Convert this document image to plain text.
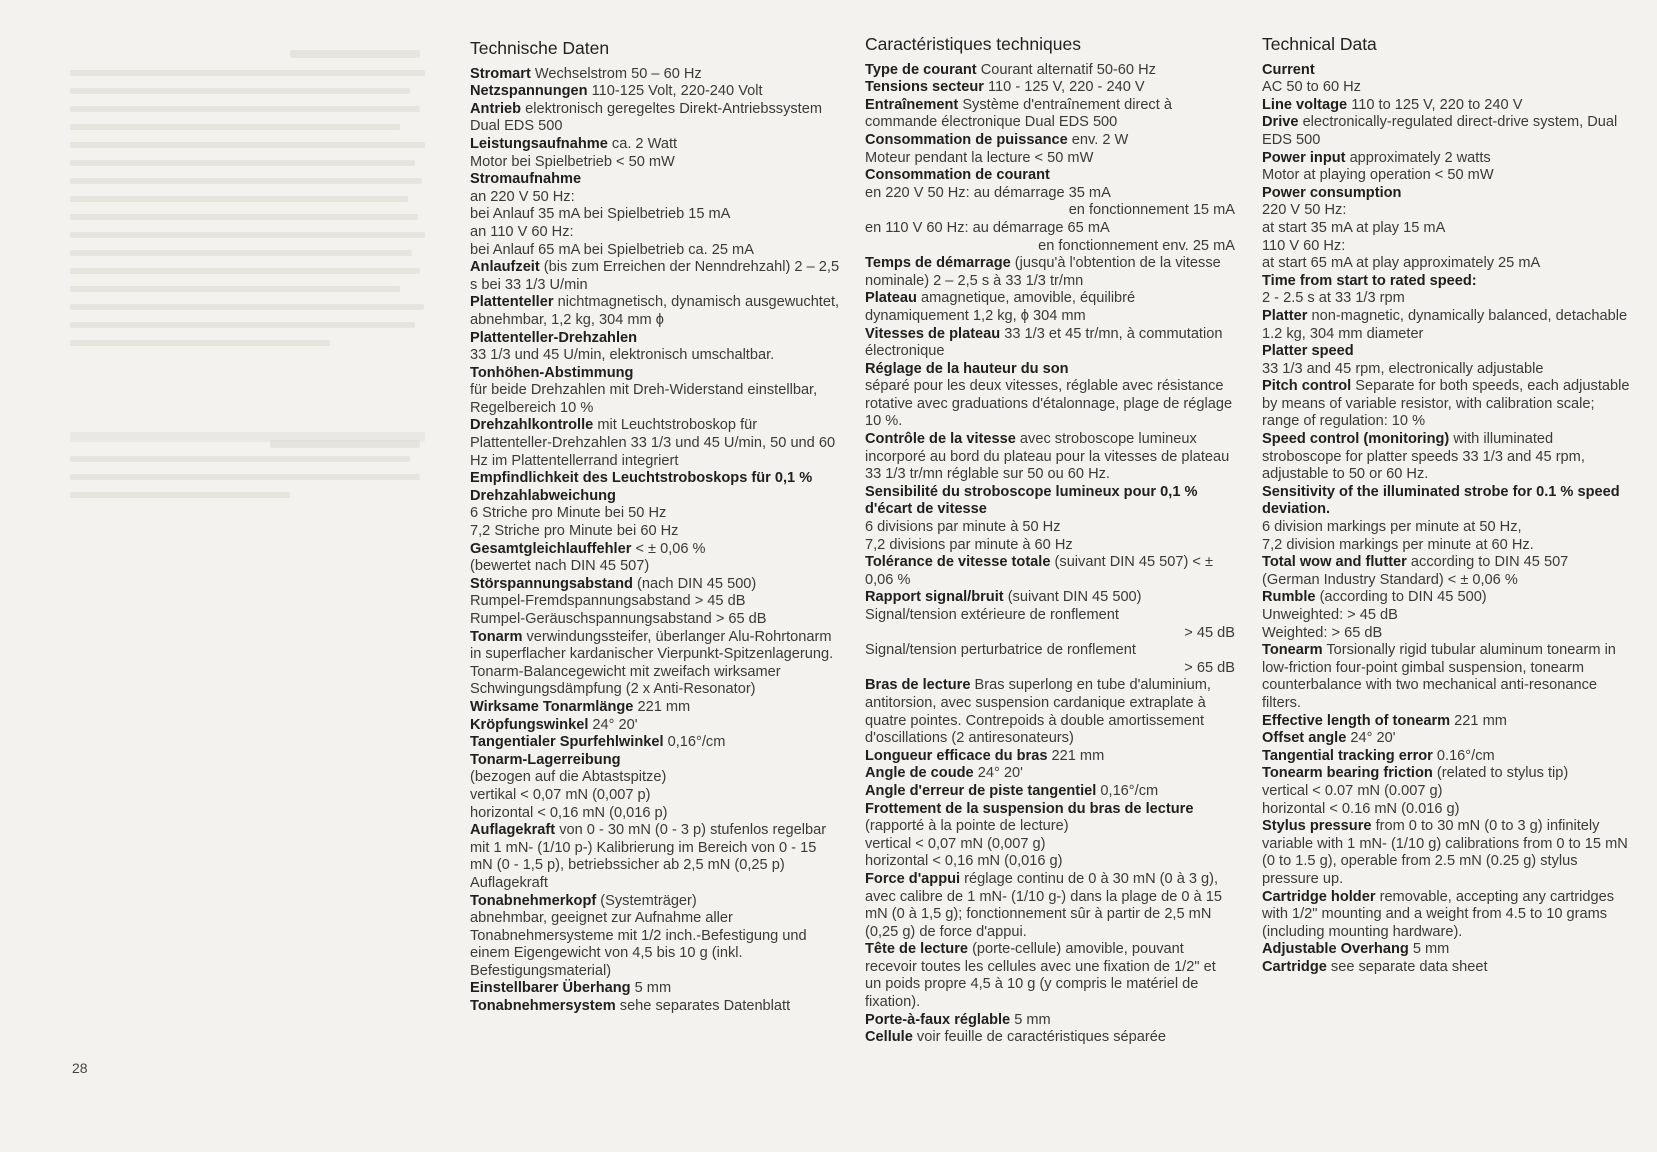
Technische Daten
Stromart Wechselstrom 50 – 60 Hz
Netzspannungen 110-125 Volt, 220-240 Volt
Antrieb elektronisch geregeltes Direkt-Antriebssystem Dual EDS 500
Leistungsaufnahme ca. 2 Watt
Motor bei Spielbetrieb < 50 mW
Stromaufnahme
an 220 V 50 Hz:
bei Anlauf 35 mA bei Spielbetrieb 15 mA
an 110 V 60 Hz:
bei Anlauf 65 mA bei Spielbetrieb ca. 25 mA
Anlaufzeit (bis zum Erreichen der Nenndrehzahl) 2 – 2,5 s bei 33 1/3 U/min
Plattenteller nichtmagnetisch, dynamisch ausgewuchtet, abnehmbar, 1,2 kg, 304 mm ϕ
Plattenteller-Drehzahlen
33 1/3 und 45 U/min, elektronisch umschaltbar.
Tonhöhen-Abstimmung
für beide Drehzahlen mit Dreh-Widerstand einstellbar, Regelbereich 10 %
Drehzahlkontrolle mit Leuchtstroboskop für Plattenteller-Drehzahlen 33 1/3 und 45 U/min, 50 und 60 Hz im Plattentellerrand integriert
Empfindlichkeit des Leuchtstroboskops für 0,1 % Drehzahlabweichung
6 Striche pro Minute bei 50 Hz
7,2 Striche pro Minute bei 60 Hz
Gesamtgleichlauffehler < ± 0,06 %
(bewertet nach DIN 45 507)
Störspannungsabstand (nach DIN 45 500)
Rumpel-Fremdspannungsabstand > 45 dB
Rumpel-Geräuschspannungsabstand > 65 dB
Tonarm verwindungssteifer, überlanger Alu-Rohrtonarm in superflacher kardanischer Vierpunkt-Spitzenlagerung. Tonarm-Balancegewicht mit zweifach wirksamer Schwingungsdämpfung (2 x Anti-Resonator)
Wirksame Tonarmlänge 221 mm
Kröpfungswinkel 24° 20'
Tangentialer Spurfehlwinkel 0,16°/cm
Tonarm-Lagerreibung
(bezogen auf die Abtastspitze)
vertikal < 0,07 mN (0,007 p)
horizontal < 0,16 mN (0,016 p)
Auflagekraft von 0 - 30 mN (0 - 3 p) stufenlos regelbar mit 1 mN- (1/10 p-) Kalibrierung im Bereich von 0 - 15 mN (0 - 1,5 p), betriebssicher ab 2,5 mN (0,25 p) Auflagekraft
Tonabnehmerkopf (Systemträger)
abnehmbar, geeignet zur Aufnahme aller Tonabnehmersysteme mit 1/2 inch.-Befestigung und einem Eigengewicht von 4,5 bis 10 g (inkl. Befestigungsmaterial)
Einstellbarer Überhang 5 mm
Tonabnehmersystem sehe separates Datenblatt
Caractéristiques techniques
Type de courant Courant alternatif 50-60 Hz
Tensions secteur 110 - 125 V, 220 - 240 V
Entraînement Système d'entraînement direct à commande électronique Dual EDS 500
Consommation de puissance env. 2 W
Moteur pendant la lecture < 50 mW
Consommation de courant
en 220 V 50 Hz: au démarrage 35 mA
en fonctionnement 15 mA
en 110 V 60 Hz: au démarrage 65 mA
en fonctionnement env. 25 mA
Temps de démarrage (jusqu'à l'obtention de la vitesse nominale) 2 – 2,5 s à 33 1/3 tr/mn
Plateau amagnetique, amovible, équilibré dynamiquement 1,2 kg, ϕ 304 mm
Vitesses de plateau 33 1/3 et 45 tr/mn, à commutation électronique
Réglage de la hauteur du son
séparé pour les deux vitesses, réglable avec résistance rotative avec graduations d'étalonnage, plage de réglage 10 %.
Contrôle de la vitesse avec stroboscope lumineux incorporé au bord du plateau pour la vitesses de plateau 33 1/3 tr/mn réglable sur 50 ou 60 Hz.
Sensibilité du stroboscope lumineux pour 0,1 % d'écart de vitesse
6 divisions par minute à 50 Hz
7,2 divisions par minute à 60 Hz
Tolérance de vitesse totale (suivant DIN 45 507) < ± 0,06 %
Rapport signal/bruit (suivant DIN 45 500)
Signal/tension extérieure de ronflement
> 45 dB
Signal/tension perturbatrice de ronflement
> 65 dB
Bras de lecture Bras superlong en tube d'aluminium, antitorsion, avec suspension cardanique extraplate à quatre pointes. Contrepoids à double amortissement d'oscillations (2 antiresonateurs)
Longueur efficace du bras 221 mm
Angle de coude 24° 20'
Angle d'erreur de piste tangentiel 0,16°/cm
Frottement de la suspension du bras de lecture
(rapporté à la pointe de lecture)
vertical < 0,07 mN (0,007 g)
horizontal < 0,16 mN (0,016 g)
Force d'appui réglage continu de 0 à 30 mN (0 à 3 g), avec calibre de 1 mN- (1/10 g-) dans la plage de 0 à 15 mN (0 à 1,5 g); fonctionnement sûr à partir de 2,5 mN (0,25 g) de force d'appui.
Tête de lecture (porte-cellule) amovible, pouvant recevoir toutes les cellules avec une fixation de 1/2" et un poids propre 4,5 à 10 g (y compris le matériel de fixation).
Porte-à-faux réglable 5 mm
Cellule voir feuille de caractéristiques séparée
Technical Data
Current
AC 50 to 60 Hz
Line voltage 110 to 125 V, 220 to 240 V
Drive electronically-regulated direct-drive system, Dual EDS 500
Power input approximately 2 watts
Motor at playing operation < 50 mW
Power consumption
220 V 50 Hz:
at start 35 mA at play 15 mA
110 V 60 Hz:
at start 65 mA at play approximately 25 mA
Time from start to rated speed:
2 - 2.5 s at 33 1/3 rpm
Platter non-magnetic, dynamically balanced, detachable 1.2 kg, 304 mm diameter
Platter speed
33 1/3 and 45 rpm, electronically adjustable
Pitch control Separate for both speeds, each adjustable by means of variable resistor, with calibration scale; range of regulation: 10 %
Speed control (monitoring) with illuminated stroboscope for platter speeds 33 1/3 and 45 rpm, adjustable to 50 or 60 Hz.
Sensitivity of the illuminated strobe for 0.1 % speed deviation.
6 division markings per minute at 50 Hz,
7,2 division markings per minute at 60 Hz.
Total wow and flutter according to DIN 45 507
(German Industry Standard) < ± 0,06 %
Rumble (according to DIN 45 500)
Unweighted: > 45 dB
Weighted: > 65 dB
Tonearm Torsionally rigid tubular aluminum tonearm in low-friction four-point gimbal suspension, tonearm counterbalance with two mechanical anti-resonance filters.
Effective length of tonearm 221 mm
Offset angle 24° 20'
Tangential tracking error 0.16°/cm
Tonearm bearing friction (related to stylus tip)
vertical < 0.07 mN (0.007 g)
horizontal < 0.16 mN (0.016 g)
Stylus pressure from 0 to 30 mN (0 to 3 g) infinitely variable with 1 mN- (1/10 g) calibrations from 0 to 15 mN (0 to 1.5 g), operable from 2.5 mN (0.25 g) stylus pressure up.
Cartridge holder removable, accepting any cartridges with 1/2" mounting and a weight from 4.5 to 10 grams (including mounting hardware).
Adjustable Overhang 5 mm
Cartridge see separate data sheet
28
